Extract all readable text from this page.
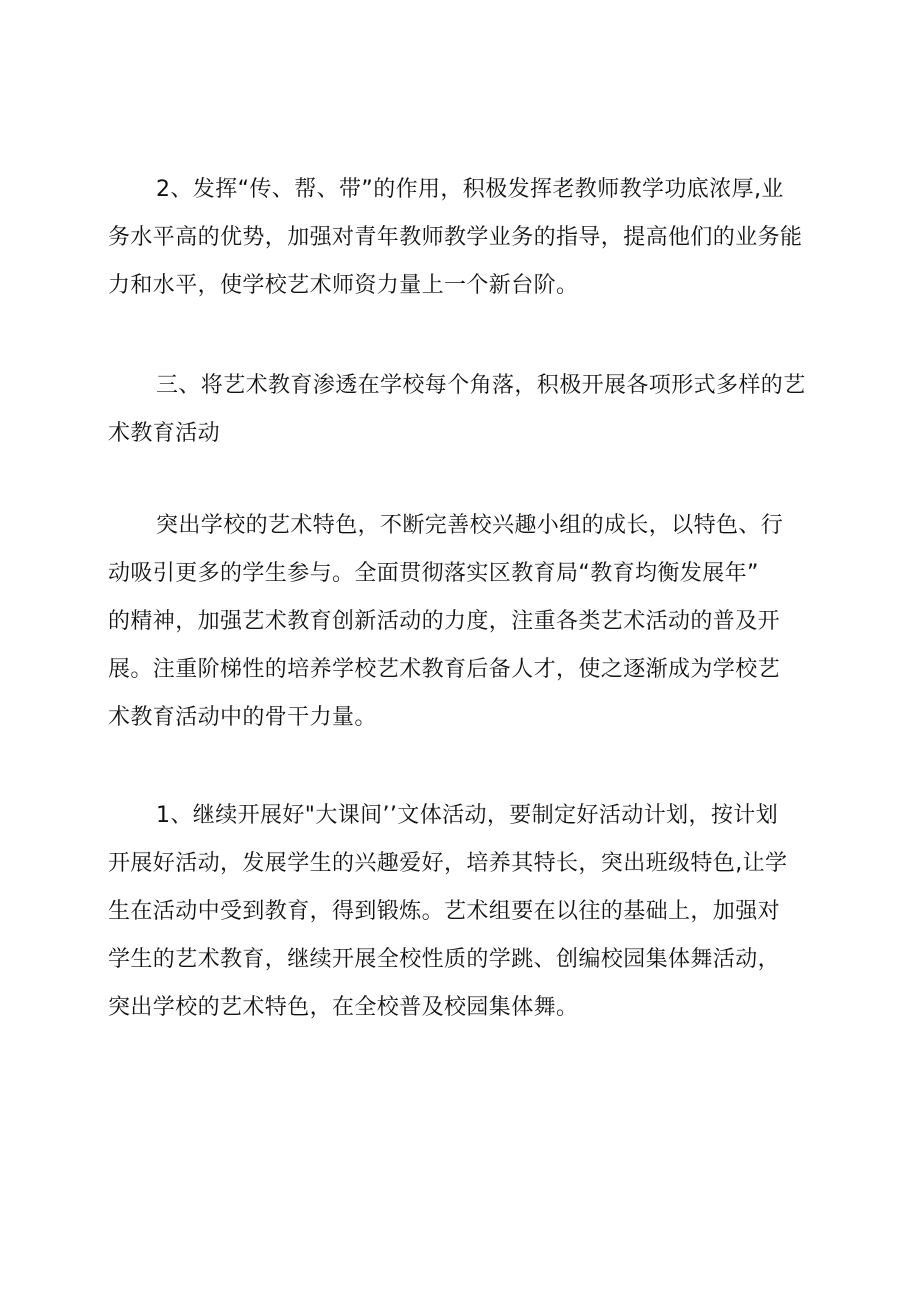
2、发挥“传、帮、带”的作用，积极发挥老教师教学功底浓厚,业
务水平高的优势，加强对青年教师教学业务的指导，提高他们的业务能
力和水平，使学校艺术师资力量上一个新台阶。
三、将艺术教育渗透在学校每个角落，积极开展各项形式多样的艺
术教育活动
突出学校的艺术特色，不断完善校兴趣小组的成长，以特色、行
动吸引更多的学生参与。全面贯彻落实区教育局“教育均衡发展年”
的精神，加强艺术教育创新活动的力度，注重各类艺术活动的普及开
展。注重阶梯性的培养学校艺术教育后备人才，使之逐渐成为学校艺
术教育活动中的骨干力量。
1、继续开展好"大课间’’文体活动，要制定好活动计划，按计划
开展好活动，发展学生的兴趣爱好，培养其特长，突出班级特色,让学
生在活动中受到教育，得到锻炼。艺术组要在以往的基础上，加强对
学生的艺术教育，继续开展全校性质的学跳、创编校园集体舞活动，
突出学校的艺术特色，在全校普及校园集体舞。
